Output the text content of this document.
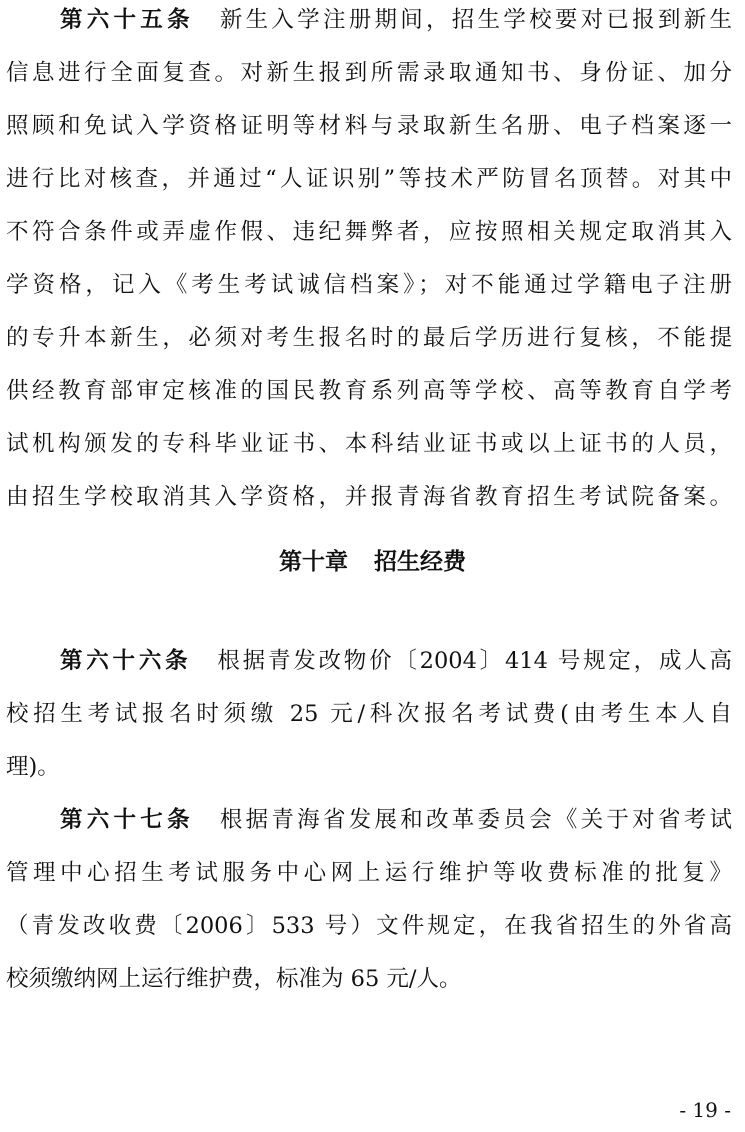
第六十五条 新生入学注册期间，招生学校要对已报到新生
信息进行全面复查。对新生报到所需录取通知书、身份证、加分
照顾和免试入学资格证明等材料与录取新生名册、电子档案逐一
进行比对核查，并通过“人证识别”等技术严防冒名顶替。对其中
不符合条件或弄虚作假、违纪舞弊者，应按照相关规定取消其入
学资格，记入《考生考试诚信档案》；对不能通过学籍电子注册
的专升本新生，必须对考生报名时的最后学历进行复核，不能提
供经教育部审定核准的国民教育系列高等学校、高等教育自学考
试机构颁发的专科毕业证书、本科结业证书或以上证书的人员，
由招生学校取消其入学资格，并报青海省教育招生考试院备案。
第十章 招生经费
第六十六条 根据青发改物价〔2004〕414 号规定，成人高
校招生考试报名时须缴 25 元/科次报名考试费(由考生本人自
理)。
第六十七条 根据青海省发展和改革委员会《关于对省考试
管理中心招生考试服务中心网上运行维护等收费标准的批复》
（青发改收费〔2006〕533 号）文件规定，在我省招生的外省高
校须缴纳网上运行维护费，标准为 65 元/人。
- 19 -
